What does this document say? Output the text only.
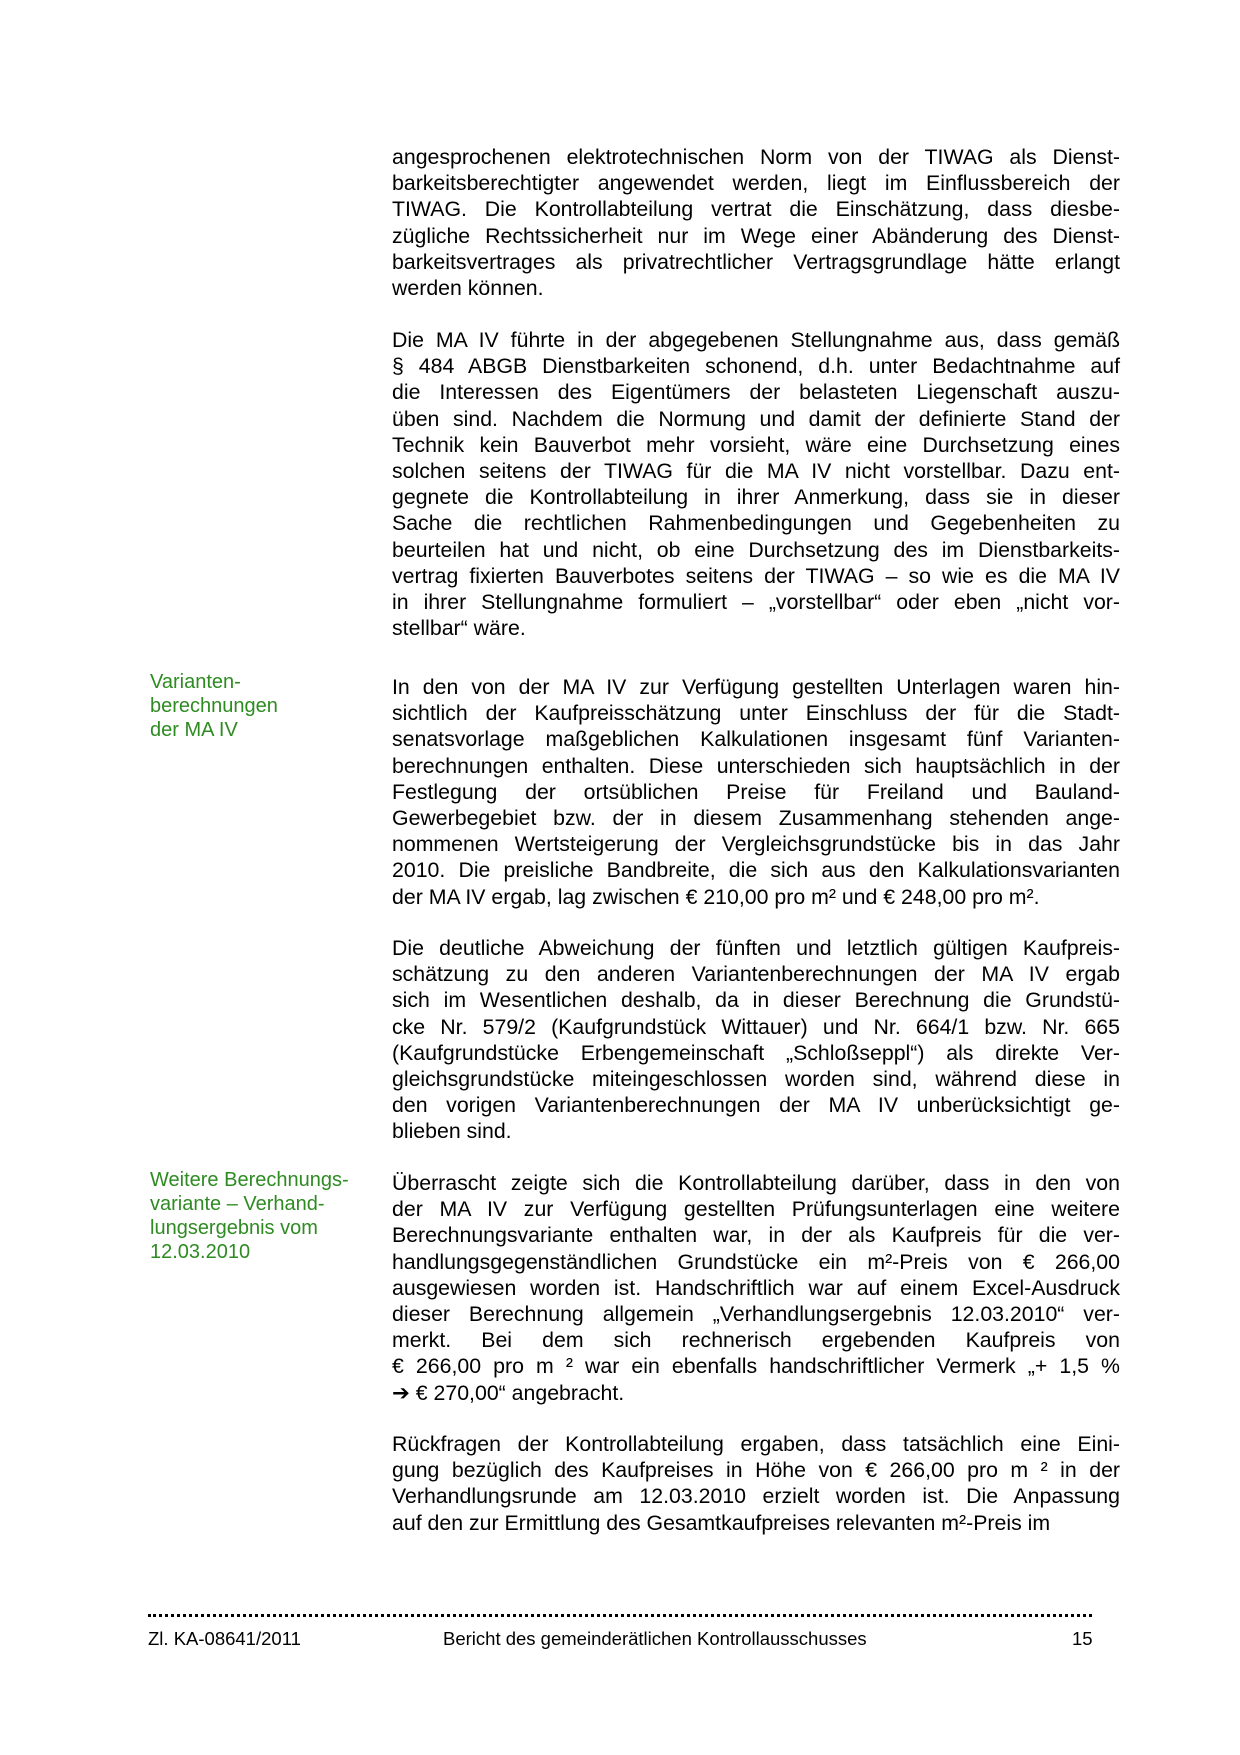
angesprochenen elektrotechnischen Norm von der TIWAG als Dienst-
barkeitsberechtigter angewendet werden, liegt im Einflussbereich der
TIWAG. Die Kontrollabteilung vertrat die Einschätzung, dass diesbe-
zügliche Rechtssicherheit nur im Wege einer Abänderung des Dienst-
barkeitsvertrages als privatrechtlicher Vertragsgrundlage hätte erlangt
werden können.
Die MA IV führte in der abgegebenen Stellungnahme aus, dass gemäß
§ 484 ABGB Dienstbarkeiten schonend, d.h. unter Bedachtnahme auf
die Interessen des Eigentümers der belasteten Liegenschaft auszu-
üben sind. Nachdem die Normung und damit der definierte Stand der
Technik kein Bauverbot mehr vorsieht, wäre eine Durchsetzung eines
solchen seitens der TIWAG für die MA IV nicht vorstellbar. Dazu ent-
gegnete die Kontrollabteilung in ihrer Anmerkung, dass sie in dieser
Sache die rechtlichen Rahmenbedingungen und Gegebenheiten zu
beurteilen hat und nicht, ob eine Durchsetzung des im Dienstbarkeits-
vertrag fixierten Bauverbotes seitens der TIWAG – so wie es die MA IV
in ihrer Stellungnahme formuliert – „vorstellbar“ oder eben „nicht vor-
stellbar“ wäre.
In den von der MA IV zur Verfügung gestellten Unterlagen waren hin-
sichtlich der Kaufpreisschätzung unter Einschluss der für die Stadt-
senatsvorlage maßgeblichen Kalkulationen insgesamt fünf Varianten-
berechnungen enthalten. Diese unterschieden sich hauptsächlich in der
Festlegung der ortsüblichen Preise für Freiland und Bauland-
Gewerbegebiet bzw. der in diesem Zusammenhang stehenden ange-
nommenen Wertsteigerung der Vergleichsgrundstücke bis in das Jahr
2010. Die preisliche Bandbreite, die sich aus den Kalkulationsvarianten
der MA IV ergab, lag zwischen € 210,00 pro m² und € 248,00 pro m².
Die deutliche Abweichung der fünften und letztlich gültigen Kaufpreis-
schätzung zu den anderen Variantenberechnungen der MA IV ergab
sich im Wesentlichen deshalb, da in dieser Berechnung die Grundstü-
cke Nr. 579/2 (Kaufgrundstück Wittauer) und Nr. 664/1 bzw. Nr. 665
(Kaufgrundstücke Erbengemeinschaft „Schloßseppl“) als direkte Ver-
gleichsgrundstücke miteingeschlossen worden sind, während diese in
den vorigen Variantenberechnungen der MA IV unberücksichtigt ge-
blieben sind.
Überrascht zeigte sich die Kontrollabteilung darüber, dass in den von
der MA IV zur Verfügung gestellten Prüfungsunterlagen eine weitere
Berechnungsvariante enthalten war, in der als Kaufpreis für die ver-
handlungsgegenständlichen Grundstücke ein m²-Preis von € 266,00
ausgewiesen worden ist. Handschriftlich war auf einem Excel-Ausdruck
dieser Berechnung allgemein „Verhandlungsergebnis 12.03.2010“ ver-
merkt. Bei dem sich rechnerisch ergebenden Kaufpreis von
€ 266,00 pro m ² war ein ebenfalls handschriftlicher Vermerk „+ 1,5 %
➔ € 270,00“ angebracht.
Rückfragen der Kontrollabteilung ergaben, dass tatsächlich eine Eini-
gung bezüglich des Kaufpreises in Höhe von € 266,00 pro m ² in der
Verhandlungsrunde am 12.03.2010 erzielt worden ist. Die Anpassung
auf den zur Ermittlung des Gesamtkaufpreises relevanten m²-Preis im
Varianten-
berechnungen
der MA IV
Weitere Berechnungs-
variante – Verhand-
lungsergebnis vom
12.03.2010
Zl. KA-08641/2011	Bericht des gemeinderätlichen Kontrollausschusses	15
